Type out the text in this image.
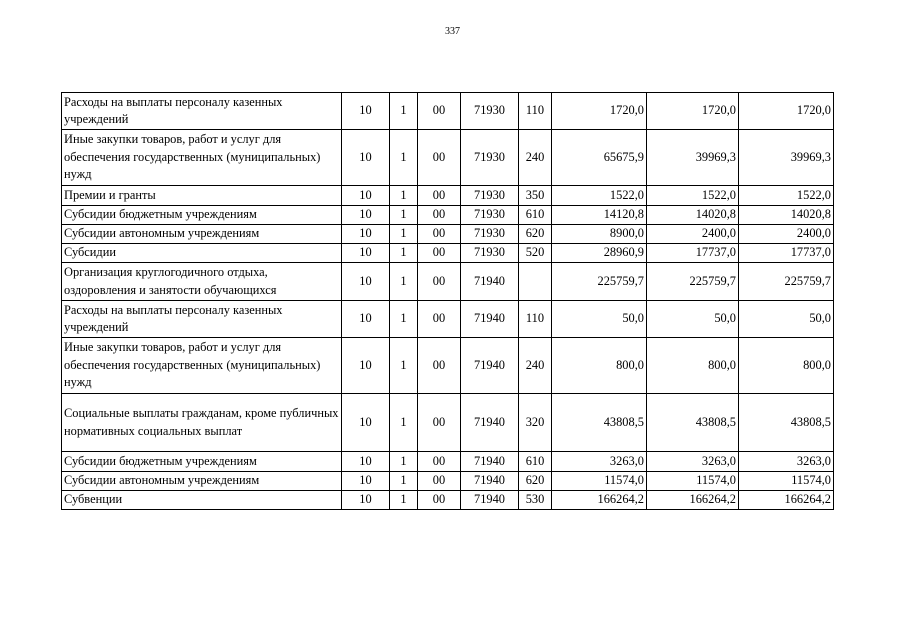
337
Расходы на выплаты персоналу казенных учреждений	10	1	00	71930	110	1720,0	1720,0	1720,0
Иные закупки товаров, работ и услуг для обеспечения государственных (муниципальных) нужд	10	1	00	71930	240	65675,9	39969,3	39969,3
Премии и гранты	10	1	00	71930	350	1522,0	1522,0	1522,0
Субсидии бюджетным учреждениям	10	1	00	71930	610	14120,8	14020,8	14020,8
Субсидии автономным учреждениям	10	1	00	71930	620	8900,0	2400,0	2400,0
Субсидии	10	1	00	71930	520	28960,9	17737,0	17737,0
Организация круглогодичного отдыха, оздоровления и занятости обучающихся	10	1	00	71940		225759,7	225759,7	225759,7
Расходы на выплаты персоналу казенных учреждений	10	1	00	71940	110	50,0	50,0	50,0
Иные закупки товаров, работ и услуг для обеспечения государственных (муниципальных) нужд	10	1	00	71940	240	800,0	800,0	800,0
Социальные выплаты гражданам, кроме публичных нормативных социальных выплат	10	1	00	71940	320	43808,5	43808,5	43808,5
Субсидии бюджетным учреждениям	10	1	00	71940	610	3263,0	3263,0	3263,0
Субсидии автономным учреждениям	10	1	00	71940	620	11574,0	11574,0	11574,0
Субвенции	10	1	00	71940	530	166264,2	166264,2	166264,2
